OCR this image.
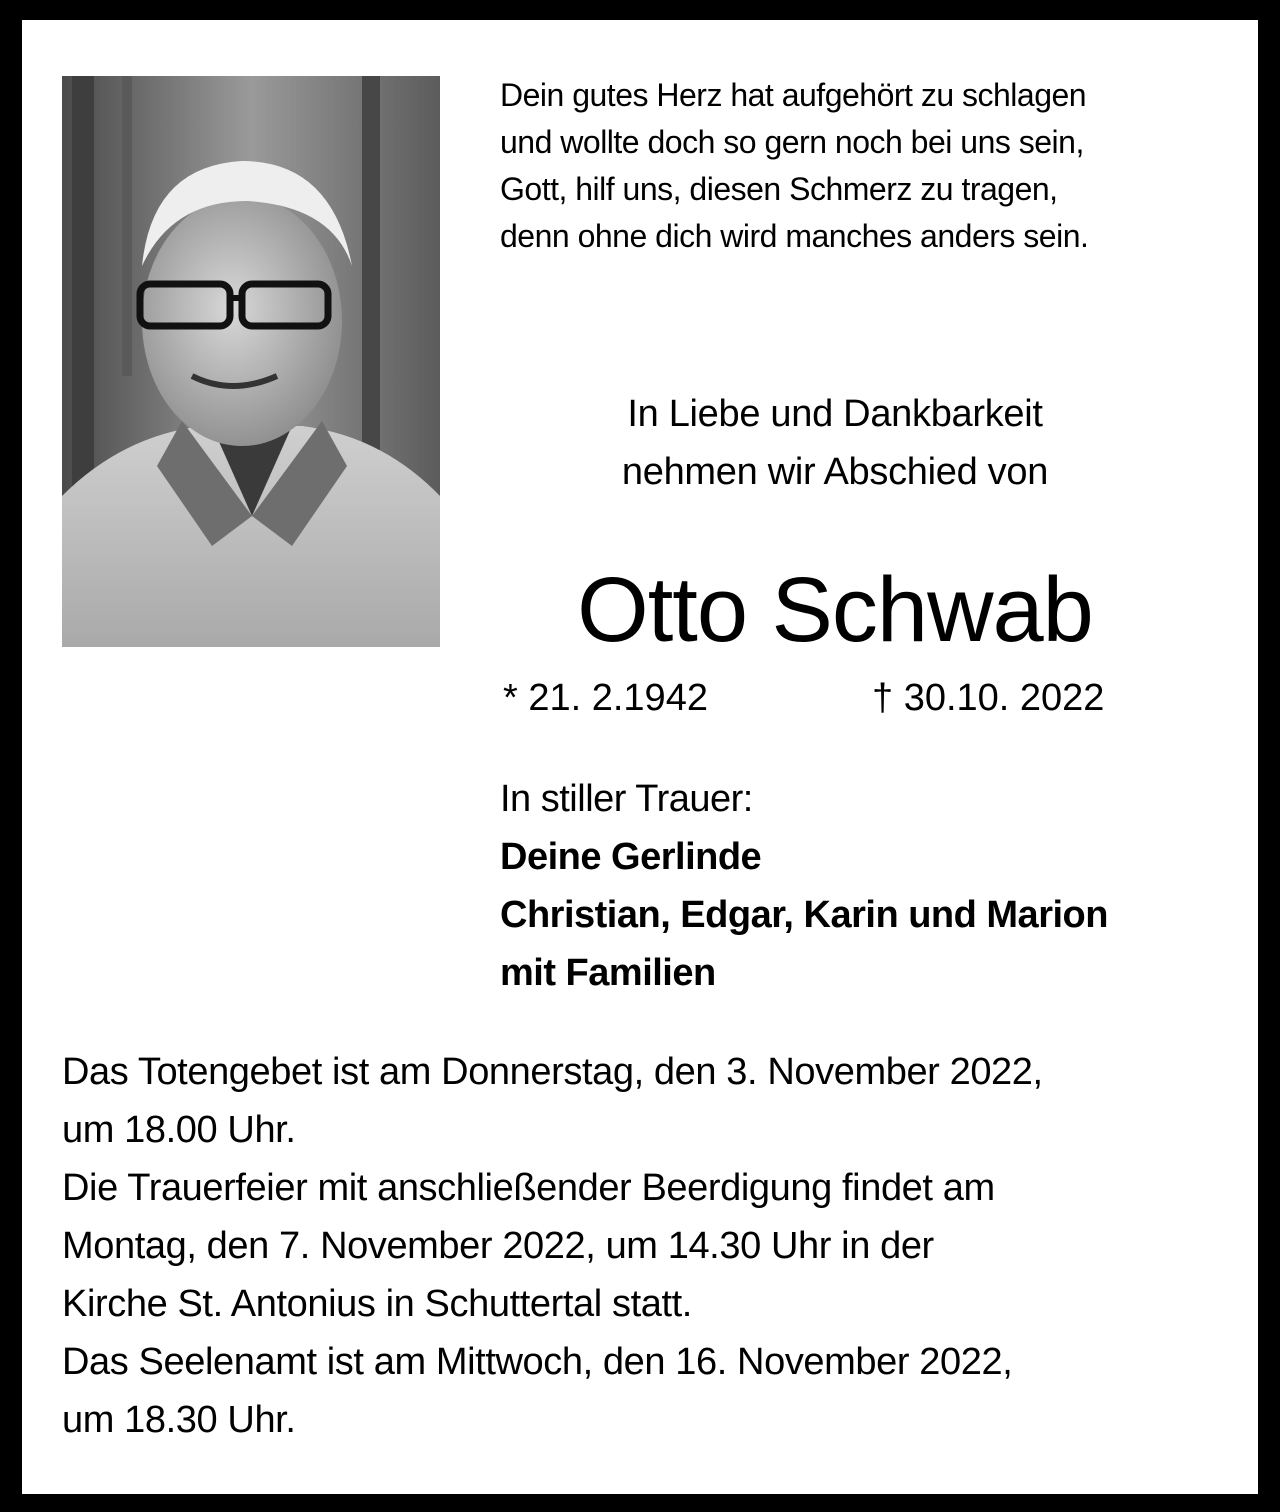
Dein gutes Herz hat aufgehört zu schlagen
und wollte doch so gern noch bei uns sein,
Gott, hilf uns, diesen Schmerz zu tragen,
denn ohne dich wird manches anders sein.
In Liebe und Dankbarkeit
nehmen wir Abschied von
Otto Schwab
* 21. 2.1942	† 30.10. 2022
In stiller Trauer:
Deine Gerlinde
Christian, Edgar, Karin und Marion
mit Familien
Das Totengebet ist am Donnerstag, den 3. November 2022,
um 18.00 Uhr.
Die Trauerfeier mit anschließender Beerdigung findet am
Montag, den 7. November 2022, um 14.30 Uhr in der
Kirche St. Antonius in Schuttertal statt.
Das Seelenamt ist am Mittwoch, den 16. November 2022,
um 18.30 Uhr.
